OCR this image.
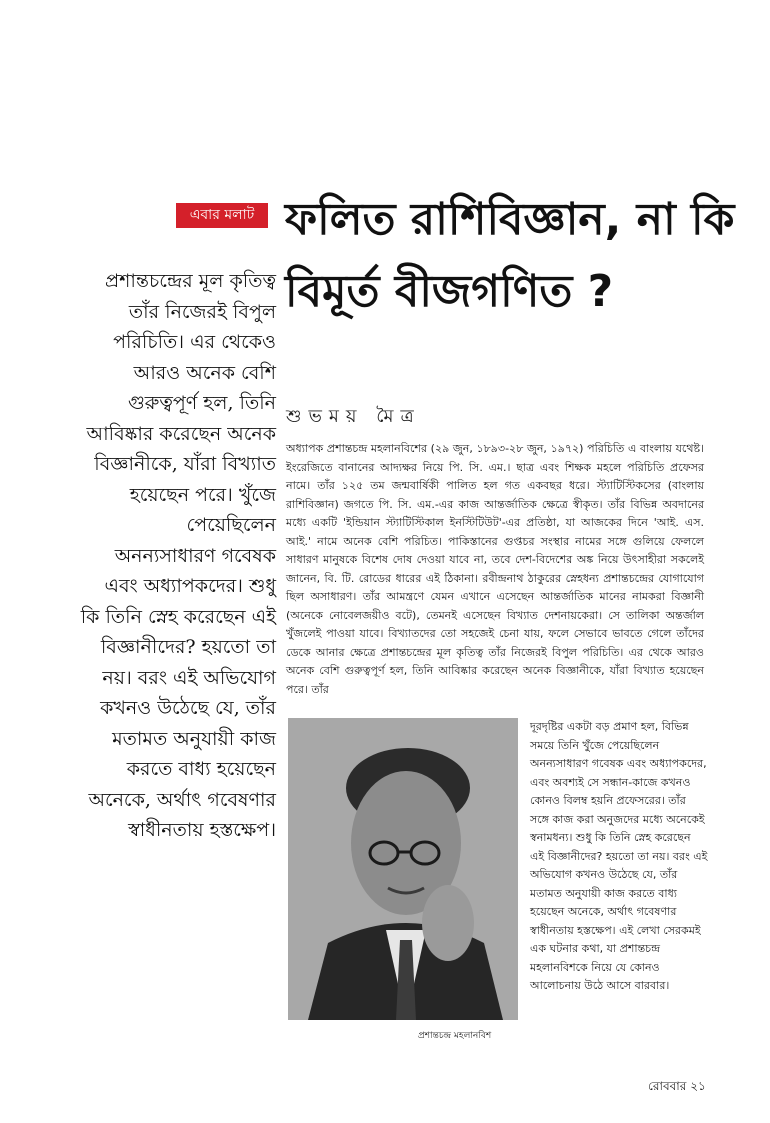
এবার মলাট ফলিত রাশিবিজ্ঞান, না কি বিমূর্ত বীজগণিত ?

শুভময় মৈত্র

প্রশান্তচন্দ্রের মূল কৃতিত্ব তাঁর নিজেরই বিপুল পরিচিতি। এর থেকেও আরও অনেক বেশি গুরুত্বপূর্ণ হল, তিনি আবিষ্কার করেছেন অনেক বিজ্ঞানীকে, যাঁরা বিখ্যাত হয়েছেন পরে। খুঁজে পেয়েছিলেন অনন্যসাধারণ গবেষক এবং অধ্যাপকদের। শুধু কি তিনি স্নেহ করেছেন এই বিজ্ঞানীদের? হয়তো তা নয়। বরং এই অভিযোগ কখনও উঠেছে যে, তাঁর মতামত অনুযায়ী কাজ করতে বাধ্য হয়েছেন অনেকে, অর্থাৎ গবেষণার স্বাধীনতায় হস্তক্ষেপ।

অধ্যাপক প্রশান্তচন্দ্র মহলানবিশের (২৯ জুন, ১৮৯৩-২৮ জুন, ১৯৭২) পরিচিতি এ বাংলায় যথেষ্ট। ইংরেজিতে বানানের আদ্যক্ষর নিয়ে পি. সি. এম.। ছাত্র এবং শিক্ষক মহলে পরিচিতি প্রফেসর নামে। তাঁর ১২৫ তম জন্মবার্ষিকী পালিত হল গত একবছর ধরে। স্ট্যাটিস্টিকসের (বাংলায় রাশিবিজ্ঞান) জগতে পি. সি. এম.-এর কাজ আন্তর্জাতিক ক্ষেত্রে স্বীকৃত। তাঁর বিভিন্ন অবদানের মধ্যে একটি 'ইন্ডিয়ান স্ট্যাটিস্টিকাল ইনস্টিটিউট'-এর প্রতিষ্ঠা, যা আজকের দিনে 'আই. এস. আই.' নামে অনেক বেশি পরিচিত। পাকিস্তানের গুপ্তচর সংস্থার নামের সঙ্গে গুলিয়ে ফেললে সাধারণ মানুষকে বিশেষ দোষ দেওয়া যাবে না, তবে দেশ-বিদেশের অঙ্ক নিয়ে উৎসাহীরা সকলেই জানেন, বি. টি. রোডের ধারের এই ঠিকানা। রবীন্দ্রনাথ ঠাকুরের স্নেহধন্য প্রশান্তচন্দ্রের যোগাযোগ ছিল অসাধারণ। তাঁর আমন্ত্রণে যেমন এখানে এসেছেন আন্তর্জাতিক মানের নামকরা বিজ্ঞানী (অনেকে নোবেলজয়ীও বটে), তেমনই এসেছেন বিখ্যাত দেশনায়কেরা। সে তালিকা অন্তর্জাল খুঁজলেই পাওয়া যাবে। বিখ্যাতদের তো সহজেই চেনা যায়, ফলে সেভাবে ভাবতে গেলে তাঁদের ডেকে আনার ক্ষেত্রে প্রশান্তচন্দ্রের মূল কৃতিত্ব তাঁর নিজেরই বিপুল পরিচিতি। এর থেকে আরও অনেক বেশি গুরুত্বপূর্ণ হল, তিনি আবিষ্কার করেছেন অনেক বিজ্ঞানীকে, যাঁরা বিখ্যাত হয়েছেন পরে। তাঁর

প্রশান্তচন্দ্র মহলানবিশ

দূরদৃষ্টির একটা বড় প্রমাণ হল, বিভিন্ন সময়ে তিনি খুঁজে পেয়েছিলেন অনন্যসাধারণ গবেষক এবং অধ্যাপকদের, এবং অবশ্যই সে সন্ধান-কাজে কখনও কোনও বিলম্ব হয়নি প্রফেসরের। তাঁর সঙ্গে কাজ করা অনুজদের মধ্যে অনেকেই স্বনামধন্য। শুধু কি তিনি স্নেহ করেছেন এই বিজ্ঞানীদের? হয়তো তা নয়। বরং এই অভিযোগ কখনও উঠেছে যে, তাঁর মতামত অনুযায়ী কাজ করতে বাধ্য হয়েছেন অনেকে, অর্থাৎ গবেষণার স্বাধীনতায় হস্তক্ষেপ। এই লেখা সেরকমই এক ঘটনার কথা, যা প্রশান্তচন্দ্র মহলানবিশকে নিয়ে যে কোনও আলোচনায় উঠে আসে বারবার।

রোববার ২১
